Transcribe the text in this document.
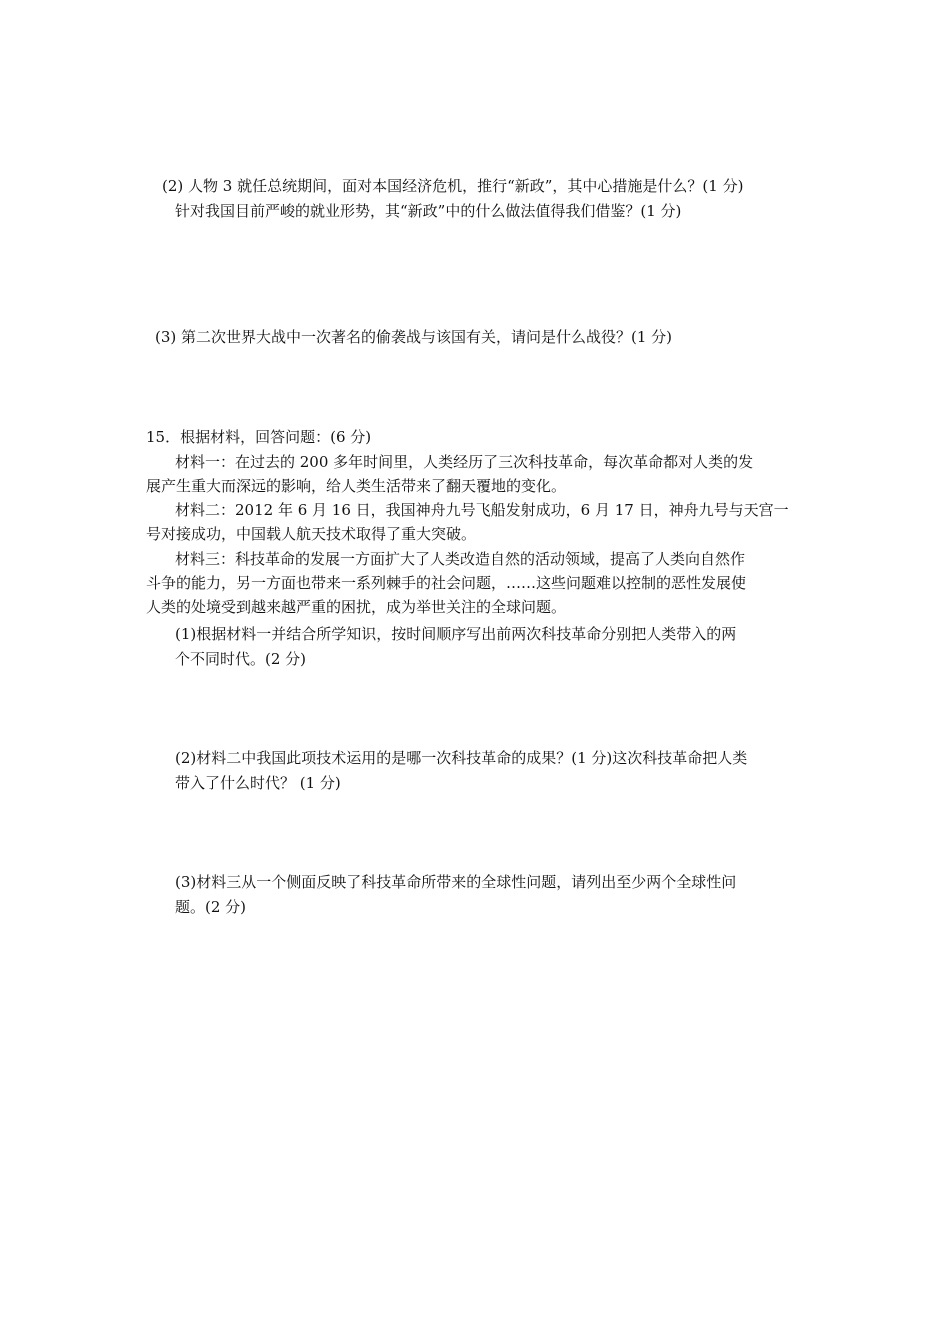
(2) 人物 3 就任总统期间，面对本国经济危机，推行“新政”，其中心措施是什么？(1 分)

针对我国目前严峻的就业形势，其“新政”中的什么做法值得我们借鉴？(1 分)

(3) 第二次世界大战中一次著名的偷袭战与该国有关，请问是什么战役？(1 分)

15．根据材料，回答问题：(6 分)

材料一：在过去的 200 多年时间里，人类经历了三次科技革命，每次革命都对人类的发

展产生重大而深远的影响，给人类生活带来了翻天覆地的变化。

材料二：2012 年 6 月 16 日，我国神舟九号飞船发射成功，6 月 17 日，神舟九号与天宫一

号对接成功，中国载人航天技术取得了重大突破。

材料三：科技革命的发展一方面扩大了人类改造自然的活动领域，提高了人类向自然作

斗争的能力，另一方面也带来一系列棘手的社会问题，……这些问题难以控制的恶性发展使

人类的处境受到越来越严重的困扰，成为举世关注的全球问题。

(1)根据材料一并结合所学知识，按时间顺序写出前两次科技革命分别把人类带入的两

个不同时代。(2 分)

(2)材料二中我国此项技术运用的是哪一次科技革命的成果？(1 分)这次科技革命把人类

带入了什么时代？ (1 分)

(3)材料三从一个侧面反映了科技革命所带来的全球性问题，请列出至少两个全球性问

题。(2 分)
